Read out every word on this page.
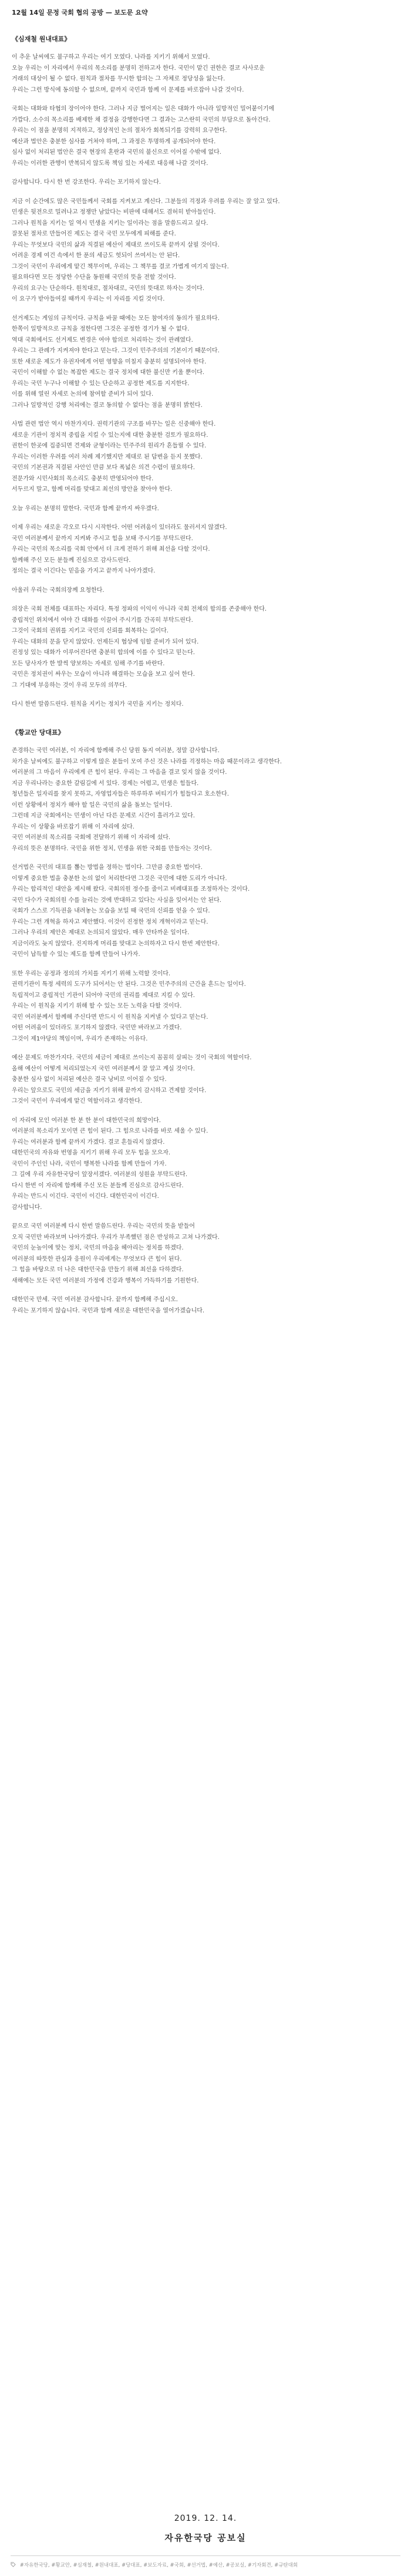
12월 14일 문정 국회 협의 공방 — 보도문 요약
《심재철 원내대표》
이 추운 날씨에도 불구하고 우리는 여기 모였다. 나라를 지키기 위해서 모였다.
오늘 우리는 이 자리에서 우리의 목소리를 분명히 전하고자 한다. 국민이 맡긴 권한은 결코 사사로운
거래의 대상이 될 수 없다. 원칙과 절차를 무시한 합의는 그 자체로 정당성을 잃는다.
우리는 그런 방식에 동의할 수 없으며, 끝까지 국민과 함께 이 문제를 바로잡아 나갈 것이다.
국회는 대화와 타협의 장이어야 한다. 그러나 지금 벌어지는 일은 대화가 아니라 일방적인 밀어붙이기에
가깝다. 소수의 목소리를 배제한 채 결정을 강행한다면 그 결과는 고스란히 국민의 부담으로 돌아간다.
우리는 이 점을 분명히 지적하고, 정상적인 논의 절차가 회복되기를 강력히 요구한다.
예산과 법안은 충분한 심사를 거쳐야 하며, 그 과정은 투명하게 공개되어야 한다.
심사 없이 처리된 법안은 결국 현장의 혼란과 국민의 불신으로 이어질 수밖에 없다.
우리는 이러한 관행이 반복되지 않도록 책임 있는 자세로 대응해 나갈 것이다.
감사합니다. 다시 한 번 강조한다. 우리는 포기하지 않는다.
지금 이 순간에도 많은 국민들께서 국회를 지켜보고 계신다. 그분들의 걱정과 우려를 우리는 잘 알고 있다.
민생은 뒷전으로 밀려나고 정쟁만 남았다는 비판에 대해서도 겸허히 받아들인다.
그러나 원칙을 지키는 일 역시 민생을 지키는 일이라는 점을 말씀드리고 싶다.
잘못된 절차로 만들어진 제도는 결국 국민 모두에게 피해를 준다.
우리는 무엇보다 국민의 삶과 직결된 예산이 제대로 쓰이도록 끝까지 살필 것이다.
어려운 경제 여건 속에서 한 푼의 세금도 헛되이 쓰여서는 안 된다.
그것이 국민이 우리에게 맡긴 책무이며, 우리는 그 책무를 결코 가볍게 여기지 않는다.
필요하다면 모든 정당한 수단을 동원해 국민의 뜻을 전할 것이다.
우리의 요구는 단순하다. 원칙대로, 절차대로, 국민의 뜻대로 하자는 것이다.
이 요구가 받아들여질 때까지 우리는 이 자리를 지킬 것이다.
선거제도는 게임의 규칙이다. 규칙을 바꿀 때에는 모든 참여자의 동의가 필요하다.
한쪽이 일방적으로 규칙을 정한다면 그것은 공정한 경기가 될 수 없다.
역대 국회에서도 선거제도 변경은 여야 합의로 처리하는 것이 관례였다.
우리는 그 관례가 지켜져야 한다고 믿는다. 그것이 민주주의의 기본이기 때문이다.
또한 새로운 제도가 유권자에게 어떤 영향을 미칠지 충분히 설명되어야 한다.
국민이 이해할 수 없는 복잡한 제도는 결국 정치에 대한 불신만 키울 뿐이다.
우리는 국민 누구나 이해할 수 있는 단순하고 공정한 제도를 지지한다.
이를 위해 열린 자세로 논의에 참여할 준비가 되어 있다.
그러나 일방적인 강행 처리에는 결코 동의할 수 없다는 점을 분명히 밝힌다.
사법 관련 법안 역시 마찬가지다. 권력기관의 구조를 바꾸는 일은 신중해야 한다.
새로운 기관이 정치적 중립을 지킬 수 있는지에 대한 충분한 검토가 필요하다.
권한이 한곳에 집중되면 견제와 균형이라는 민주주의 원리가 흔들릴 수 있다.
우리는 이러한 우려를 여러 차례 제기했지만 제대로 된 답변을 듣지 못했다.
국민의 기본권과 직결된 사안인 만큼 보다 폭넓은 의견 수렴이 필요하다.
전문가와 시민사회의 목소리도 충분히 반영되어야 한다.
서두르지 말고, 함께 머리를 맞대고 최선의 방안을 찾아야 한다.
오늘 우리는 분명히 말한다. 국민과 함께 끝까지 싸우겠다.
이제 우리는 새로운 각오로 다시 시작한다. 어떤 어려움이 있더라도 물러서지 않겠다.
국민 여러분께서 끝까지 지켜봐 주시고 힘을 보태 주시기를 부탁드린다.
우리는 국민의 목소리를 국회 안에서 더 크게 전하기 위해 최선을 다할 것이다.
함께해 주신 모든 분들께 진심으로 감사드린다.
정의는 결국 이긴다는 믿음을 가지고 끝까지 나아가겠다.
아울러 우리는 국회의장께 요청한다.
의장은 국회 전체를 대표하는 자리다. 특정 정파의 이익이 아니라 국회 전체의 합의를 존중해야 한다.
중립적인 위치에서 여야 간 대화를 이끌어 주시기를 간곡히 부탁드린다.
그것이 국회의 권위를 지키고 국민의 신뢰를 회복하는 길이다.
우리는 대화의 문을 닫지 않았다. 언제든지 협상에 임할 준비가 되어 있다.
진정성 있는 대화가 이루어진다면 충분히 합의에 이를 수 있다고 믿는다.
모든 당사자가 한 발씩 양보하는 자세로 임해 주기를 바란다.
국민은 정치권이 싸우는 모습이 아니라 해결하는 모습을 보고 싶어 한다.
그 기대에 부응하는 것이 우리 모두의 의무다.
다시 한번 말씀드린다. 원칙을 지키는 정치가 국민을 지키는 정치다.
《황교안 당대표》
존경하는 국민 여러분, 이 자리에 함께해 주신 당원 동지 여러분, 정말 감사합니다.
차가운 날씨에도 불구하고 이렇게 많은 분들이 모여 주신 것은 나라를 걱정하는 마음 때문이라고 생각한다.
여러분의 그 마음이 우리에게 큰 힘이 된다. 우리는 그 마음을 결코 잊지 않을 것이다.
지금 우리나라는 중요한 갈림길에 서 있다. 경제는 어렵고, 민생은 힘들다.
청년들은 일자리를 찾지 못하고, 자영업자들은 하루하루 버티기가 힘들다고 호소한다.
이런 상황에서 정치가 해야 할 일은 국민의 삶을 돌보는 일이다.
그런데 지금 국회에서는 민생이 아닌 다른 문제로 시간이 흘러가고 있다.
우리는 이 상황을 바로잡기 위해 이 자리에 섰다.
국민 여러분의 목소리를 국회에 전달하기 위해 이 자리에 섰다.
우리의 뜻은 분명하다. 국민을 위한 정치, 민생을 위한 국회를 만들자는 것이다.
선거법은 국민의 대표를 뽑는 방법을 정하는 법이다. 그만큼 중요한 법이다.
이렇게 중요한 법을 충분한 논의 없이 처리한다면 그것은 국민에 대한 도리가 아니다.
우리는 합리적인 대안을 제시해 왔다. 국회의원 정수를 줄이고 비례대표를 조정하자는 것이다.
국민 다수가 국회의원 수를 늘리는 것에 반대하고 있다는 사실을 잊어서는 안 된다.
국회가 스스로 기득권을 내려놓는 모습을 보일 때 국민의 신뢰를 얻을 수 있다.
우리는 그런 개혁을 하자고 제안했다. 이것이 진정한 정치 개혁이라고 믿는다.
그러나 우리의 제안은 제대로 논의되지 않았다. 매우 안타까운 일이다.
지금이라도 늦지 않았다. 진지하게 머리를 맞대고 논의하자고 다시 한번 제안한다.
국민이 납득할 수 있는 제도를 함께 만들어 나가자.
또한 우리는 공정과 정의의 가치를 지키기 위해 노력할 것이다.
권력기관이 특정 세력의 도구가 되어서는 안 된다. 그것은 민주주의의 근간을 흔드는 일이다.
독립적이고 중립적인 기관이 되어야 국민의 권리를 제대로 지킬 수 있다.
우리는 이 원칙을 지키기 위해 할 수 있는 모든 노력을 다할 것이다.
국민 여러분께서 함께해 주신다면 반드시 이 원칙을 지켜낼 수 있다고 믿는다.
어떤 어려움이 있더라도 포기하지 않겠다. 국민만 바라보고 가겠다.
그것이 제1야당의 책임이며, 우리가 존재하는 이유다.
예산 문제도 마찬가지다. 국민의 세금이 제대로 쓰이는지 꼼꼼히 살피는 것이 국회의 역할이다.
올해 예산이 어떻게 처리되었는지 국민 여러분께서 잘 알고 계실 것이다.
충분한 심사 없이 처리된 예산은 결국 낭비로 이어질 수 있다.
우리는 앞으로도 국민의 세금을 지키기 위해 끝까지 감시하고 견제할 것이다.
그것이 국민이 우리에게 맡긴 역할이라고 생각한다.
이 자리에 모인 여러분 한 분 한 분이 대한민국의 희망이다.
여러분의 목소리가 모이면 큰 힘이 된다. 그 힘으로 나라를 바로 세울 수 있다.
우리는 여러분과 함께 끝까지 가겠다. 결코 흔들리지 않겠다.
대한민국의 자유와 번영을 지키기 위해 우리 모두 힘을 모으자.
국민이 주인인 나라, 국민이 행복한 나라를 함께 만들어 가자.
그 길에 우리 자유한국당이 앞장서겠다. 여러분의 성원을 부탁드린다.
다시 한번 이 자리에 함께해 주신 모든 분들께 진심으로 감사드린다.
우리는 반드시 이긴다. 국민이 이긴다. 대한민국이 이긴다.
감사합니다.
끝으로 국민 여러분께 다시 한번 말씀드린다. 우리는 국민의 뜻을 받들어
오직 국민만 바라보며 나아가겠다. 우리가 부족했던 점은 반성하고 고쳐 나가겠다.
국민의 눈높이에 맞는 정치, 국민의 마음을 헤아리는 정치를 하겠다.
여러분의 따뜻한 관심과 응원이 우리에게는 무엇보다 큰 힘이 된다.
그 힘을 바탕으로 더 나은 대한민국을 만들기 위해 최선을 다하겠다.
새해에는 모든 국민 여러분의 가정에 건강과 행복이 가득하기를 기원한다.
대한민국 만세. 국민 여러분 감사합니다. 끝까지 함께해 주십시오.
우리는 포기하지 않습니다. 국민과 함께 새로운 대한민국을 열어가겠습니다.
2019. 12. 14.
자유한국당 공보실
#자유한국당, #황교안, #심재철, #원내대표, #당대표, #보도자료, #국회, #선거법, #예산, #공보실, #기자회견, #규탄대회
